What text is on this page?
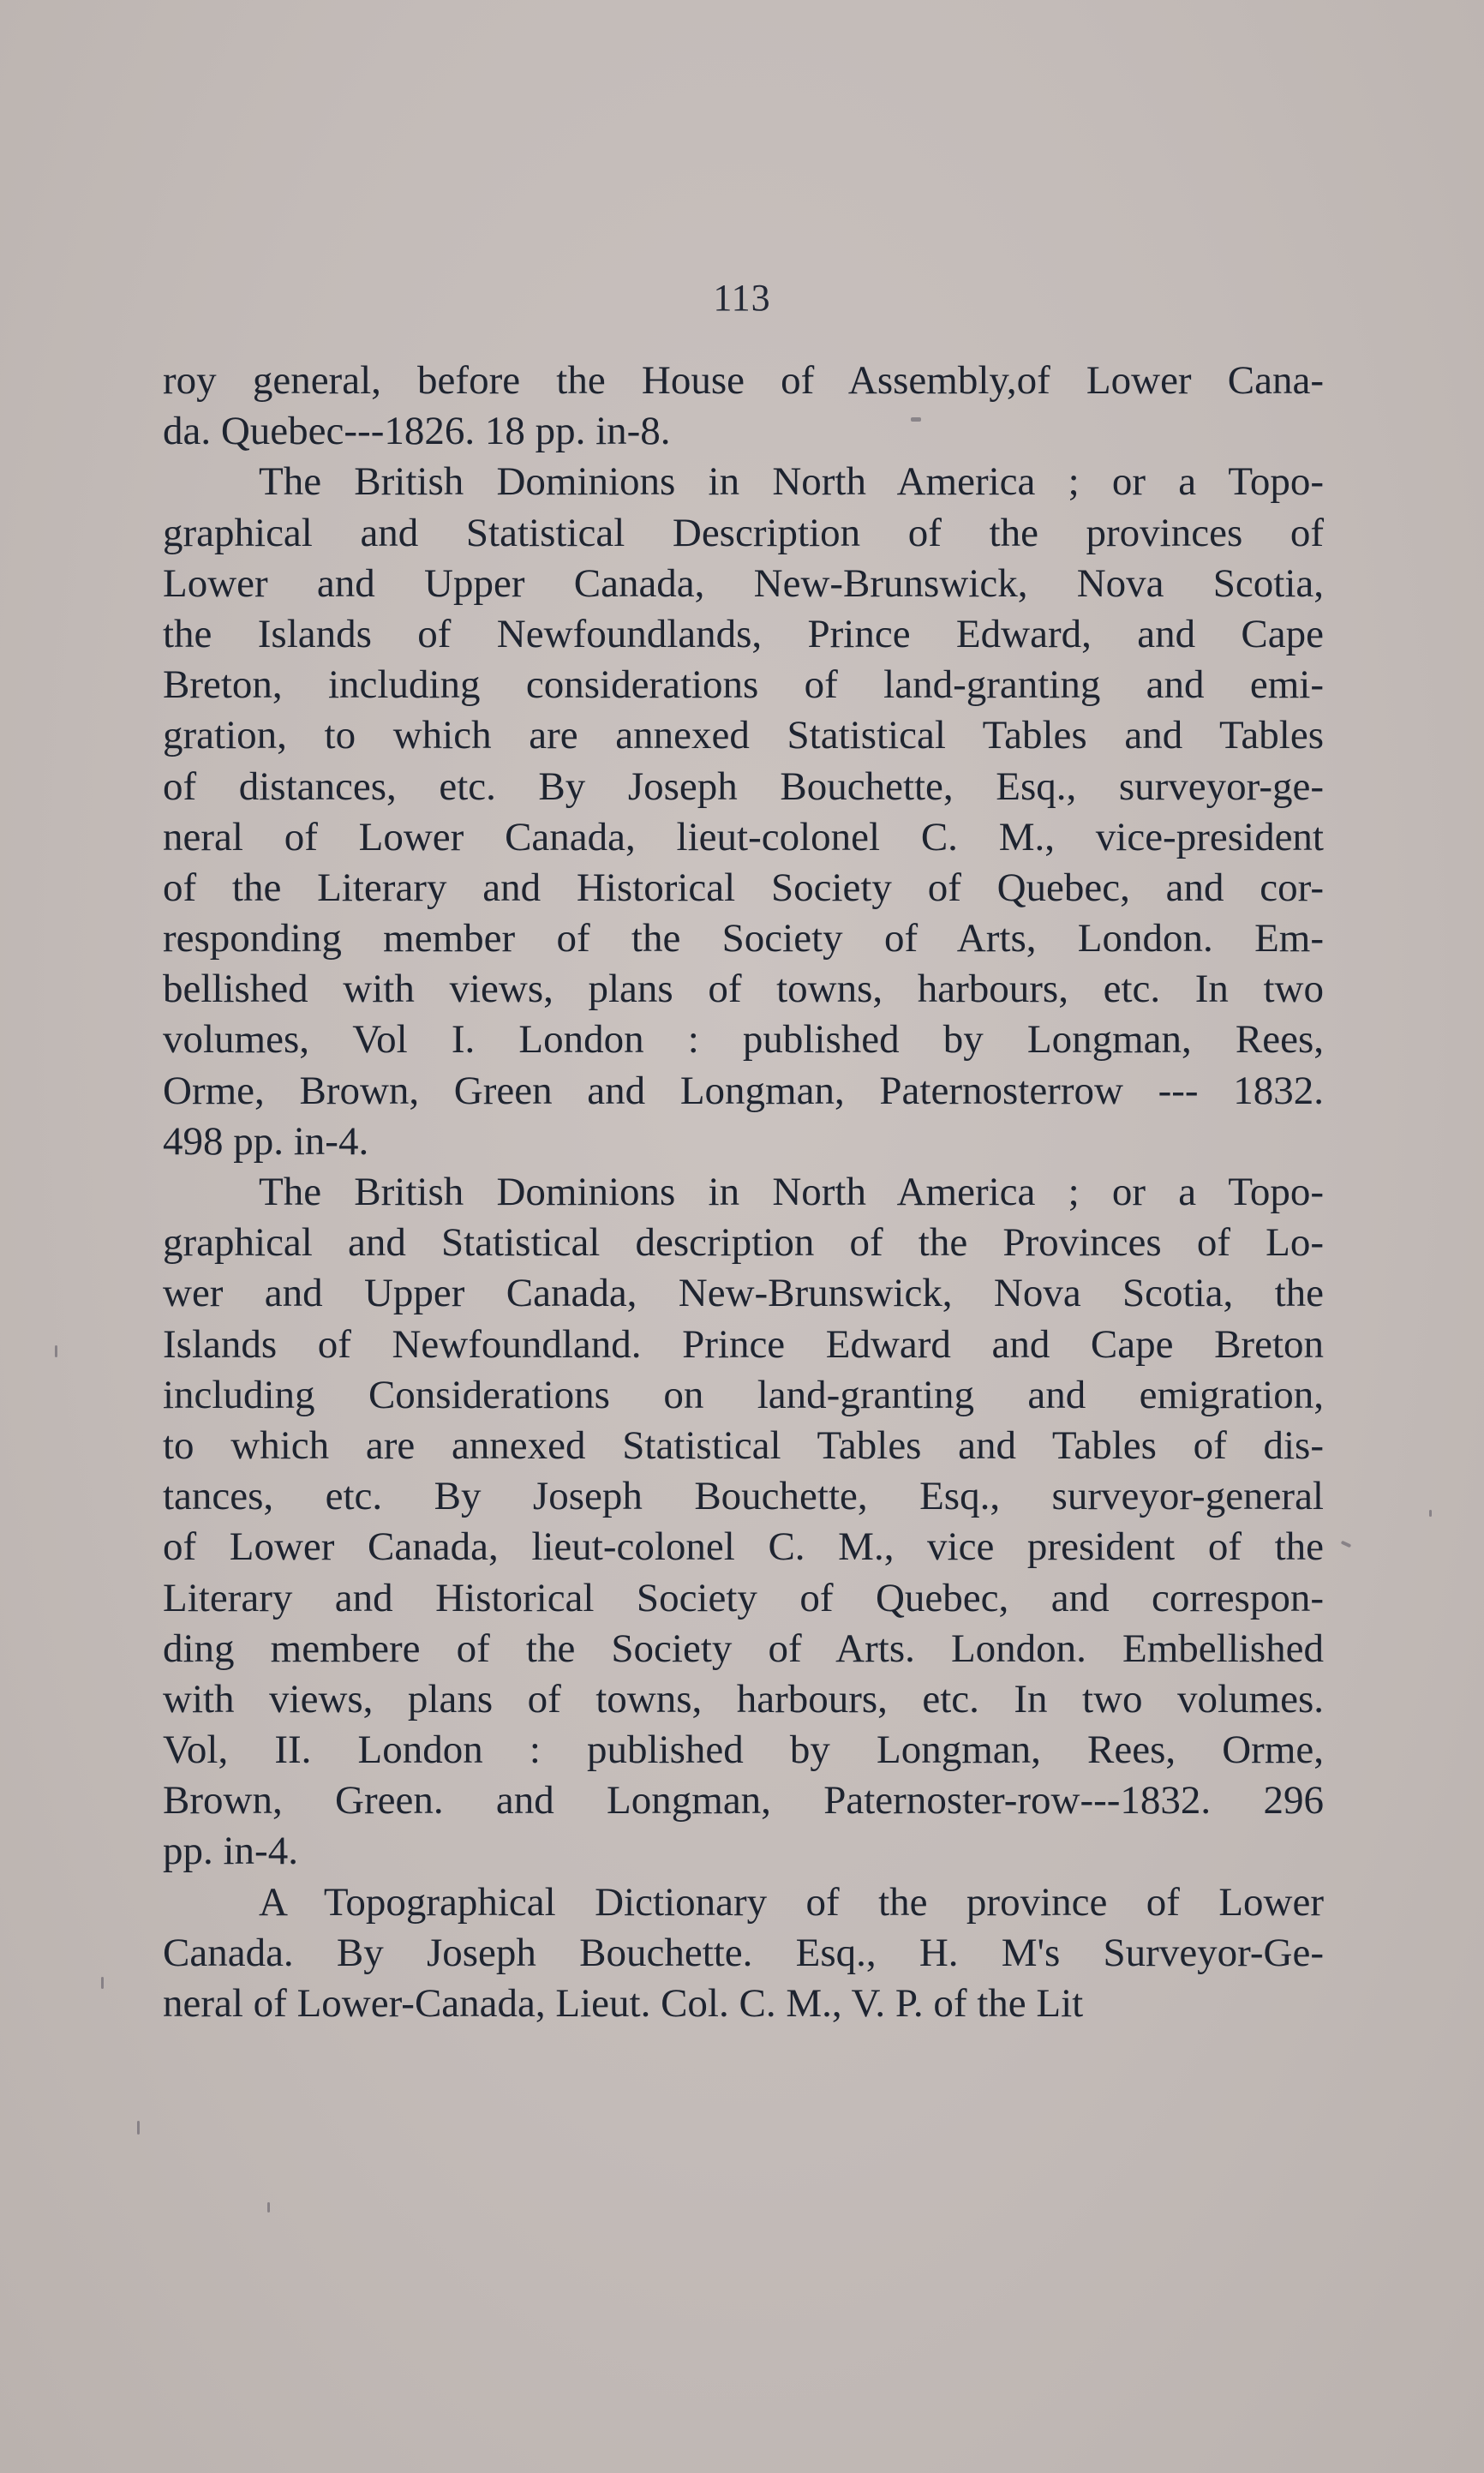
113
roy general, before the House of Assembly,of Lower Cana-
da. Quebec---1826. 18 pp. in-8.
The British Dominions in North America ; or a Topo-
graphical and Statistical Description of the provinces of
Lower and Upper Canada, New-Brunswick, Nova Scotia,
the Islands of Newfoundlands, Prince Edward, and Cape
Breton, including considerations of land-granting and emi-
gration, to which are annexed Statistical Tables and Tables
of distances, etc. By Joseph Bouchette, Esq., surveyor-ge-
neral of Lower Canada, lieut-colonel C. M., vice-president
of the Literary and Historical Society of Quebec, and cor-
responding member of the Society of Arts, London. Em-
bellished with views, plans of towns, harbours, etc. In two
volumes, Vol I. London : published by Longman, Rees,
Orme, Brown, Green and Longman, Paternosterrow --- 1832.
498 pp. in-4.
The British Dominions in North America ; or a Topo-
graphical and Statistical description of the Provinces of Lo-
wer and Upper Canada, New-Brunswick, Nova Scotia, the
Islands of Newfoundland. Prince Edward and Cape Breton
including Considerations on land-granting and emigration,
to which are annexed Statistical Tables and Tables of dis-
tances, etc. By Joseph Bouchette, Esq., surveyor-general
of Lower Canada, lieut-colonel C. M., vice president of the
Literary and Historical Society of Quebec, and correspon-
ding membere of the Society of Arts. London. Embellished
with views, plans of towns, harbours, etc. In two volumes.
Vol, II. London : published by Longman, Rees, Orme,
Brown, Green. and Longman, Paternoster-row---1832. 296
pp. in-4.
A Topographical Dictionary of the province of Lower
Canada. By Joseph Bouchette. Esq., H. M's Surveyor-Ge-
neral of Lower-Canada, Lieut. Col. C. M., V. P. of the Lit
